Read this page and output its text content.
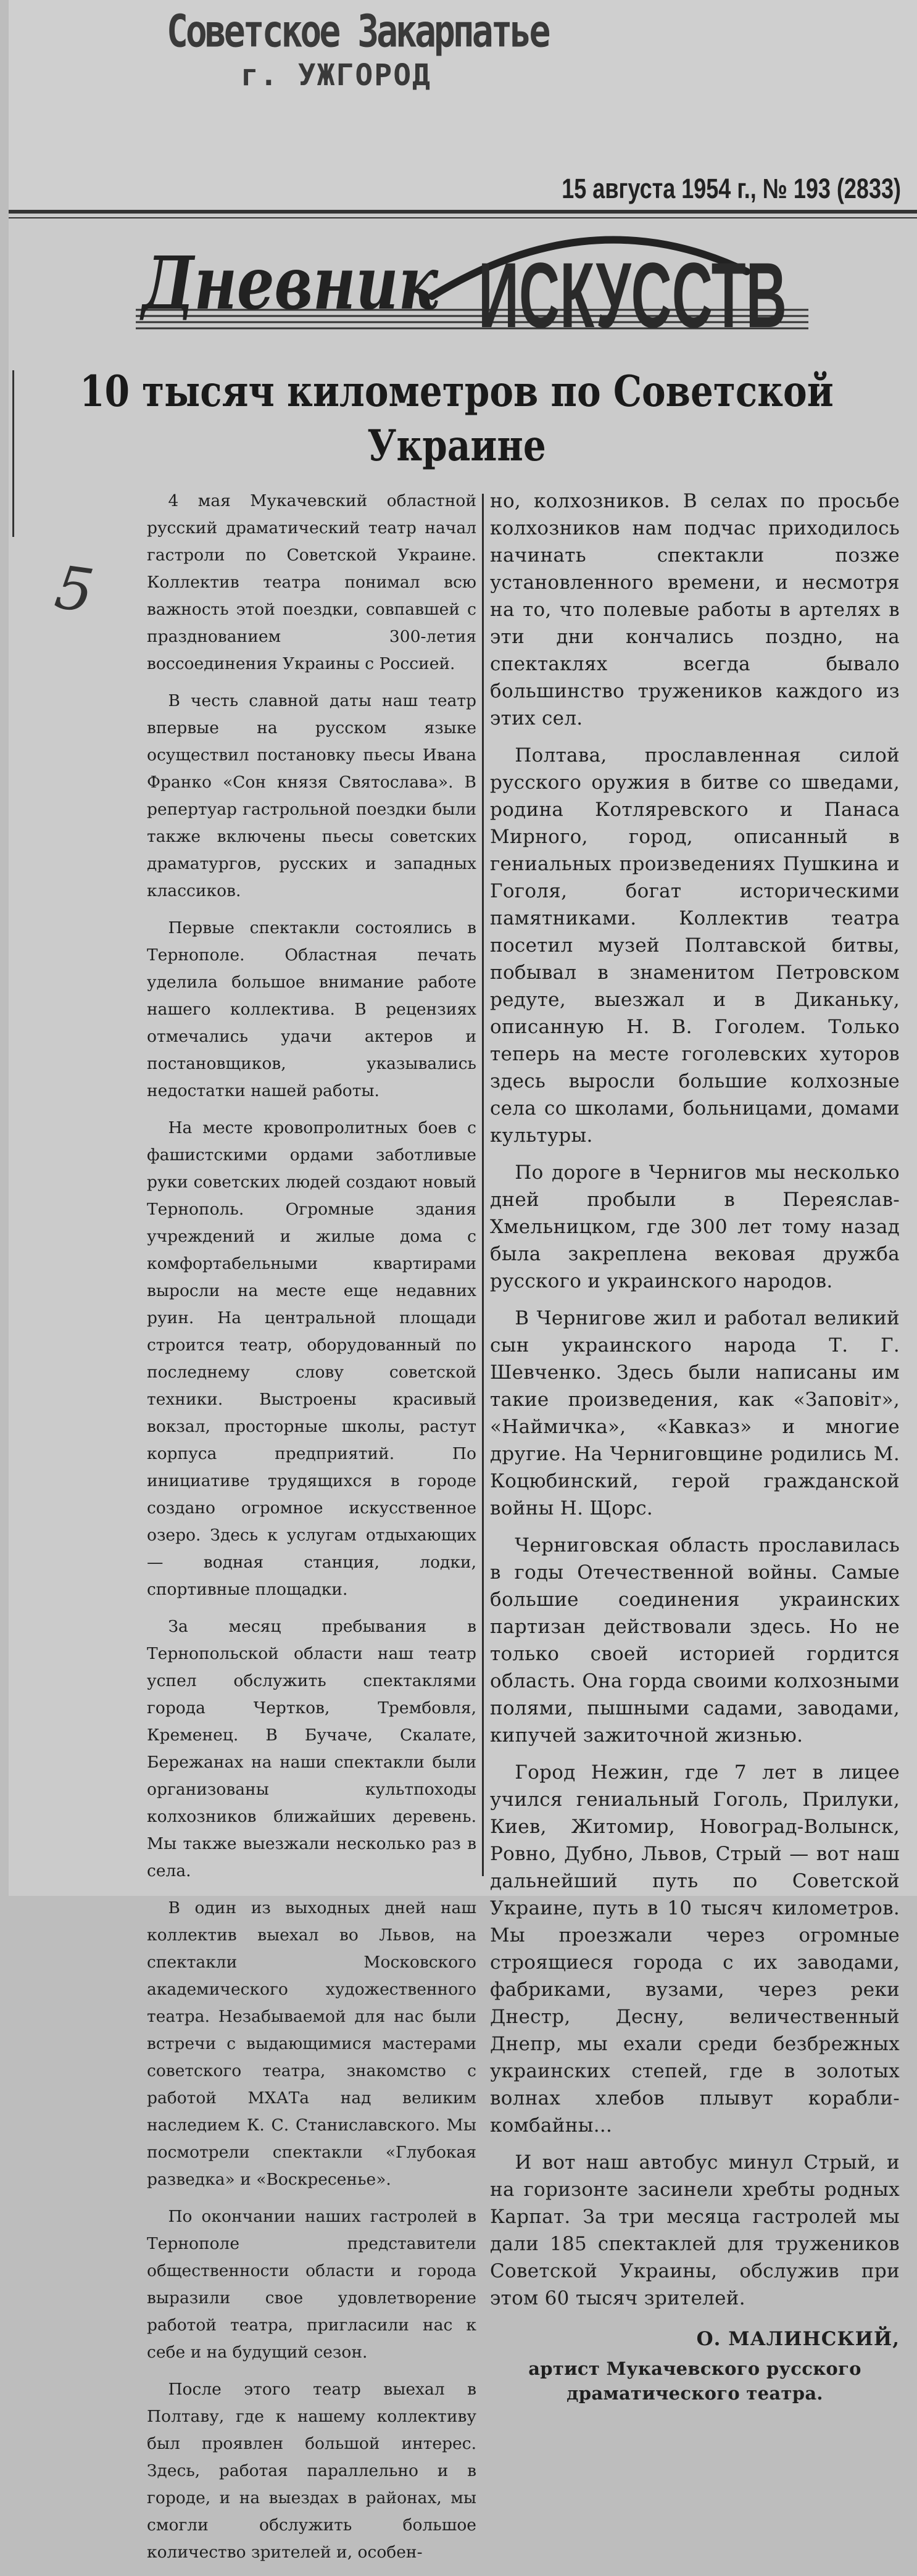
Советское Закарпатье
г. УЖГОРОД
15 августа 1954 г., № 193 (2833)
Дневник ИСКУССТВ
10 тысяч километров по Советской
Украине
5

4 мая Мукачевский областной русский драматический театр начал гастроли по Советской Украине. Коллектив театра понимал всю важность этой поездки, совпавшей с празднованием 300-летия воссоединения Украины с Россией.

В честь славной даты наш театр впервые на русском языке осуществил постановку пьесы Ивана Франко «Сон князя Святослава». В репертуар гастрольной поездки были также включены пьесы советских драматургов, русских и западных классиков.

Первые спектакли состоялись в Тернополе. Областная печать уделила большое внимание работе нашего коллектива. В рецензиях отмечались удачи актеров и постановщиков, указывались недостатки нашей работы.

На месте кровопролитных боев с фашистскими ордами заботливые руки советских людей создают новый Тернополь. Огромные здания учреждений и жилые дома с комфортабельными квартирами выросли на месте еще недавних руин. На центральной площади строится театр, оборудованный по последнему слову советской техники. Выстроены красивый вокзал, просторные школы, растут корпуса предприятий. По инициативе трудящихся в городе создано огромное искусственное озеро. Здесь к услугам отдыхающих — водная станция, лодки, спортивные площадки.

За месяц пребывания в Тернопольской области наш театр успел обслужить спектаклями города Чертков, Трембовля, Кременец. В Бучаче, Скалате, Бережанах на наши спектакли были организованы культпоходы колхозников ближайших деревень. Мы также выезжали несколько раз в села.

В один из выходных дней наш коллектив выехал во Львов, на спектакли Московского академического художественного театра. Незабываемой для нас были встречи с выдающимися мастерами советского театра, знакомство с работой МХАТа над великим наследием К. С. Станиславского. Мы посмотрели спектакли «Глубокая разведка» и «Воскресенье».

По окончании наших гастролей в Тернополе представители общественности области и города выразили свое удовлетворение работой театра, пригласили нас к себе и на будущий сезон.

После этого театр выехал в Полтаву, где к нашему коллективу был проявлен большой интерес. Здесь, работая параллельно и в городе, и на выездах в районах, мы смогли обслужить большое количество зрителей и, особен-

но, колхозников. В селах по просьбе колхозников нам подчас приходилось начинать спектакли позже установленного времени, и несмотря на то, что полевые работы в артелях в эти дни кончались поздно, на спектаклях всегда бывало большинство тружеников каждого из этих сел.

Полтава, прославленная силой русского оружия в битве со шведами, родина Котляревского и Панаса Мирного, город, описанный в гениальных произведениях Пушкина и Гоголя, богат историческими памятниками. Коллектив театра посетил музей Полтавской битвы, побывал в знаменитом Петровском редуте, выезжал и в Диканьку, описанную Н. В. Гоголем. Только теперь на месте гоголевских хуторов здесь выросли большие колхозные села со школами, больницами, домами культуры.

По дороге в Чернигов мы несколько дней пробыли в Переяслав-Хмельницком, где 300 лет тому назад была закреплена вековая дружба русского и украинского народов.

В Чернигове жил и работал великий сын украинского народа Т. Г. Шевченко. Здесь были написаны им такие произведения, как «Заповіт», «Наймичка», «Кавказ» и многие другие. На Черниговщине родились М. Коцюбинский, герой гражданской войны Н. Щорс.

Черниговская область прославилась в годы Отечественной войны. Самые большие соединения украинских партизан действовали здесь. Но не только своей историей гордится область. Она горда своими колхозными полями, пышными садами, заводами, кипучей зажиточной жизнью.

Город Нежин, где 7 лет в лицее учился гениальный Гоголь, Прилуки, Киев, Житомир, Новоград-Волынск, Ровно, Дубно, Львов, Стрый — вот наш дальнейший путь по Советской Украине, путь в 10 тысяч километров. Мы проезжали через огромные строящиеся города с их заводами, фабриками, вузами, через реки Днестр, Десну, величественный Днепр, мы ехали среди безбрежных украинских степей, где в золотых волнах хлебов плывут корабли-комбайны...

И вот наш автобус минул Стрый, и на горизонте засинели хребты родных Карпат. За три месяца гастролей мы дали 185 спектаклей для тружеников Советской Украины, обслужив при этом 60 тысяч зрителей.

О. МАЛИНСКИЙ,
артист Мукачевского русского драматического театра.
